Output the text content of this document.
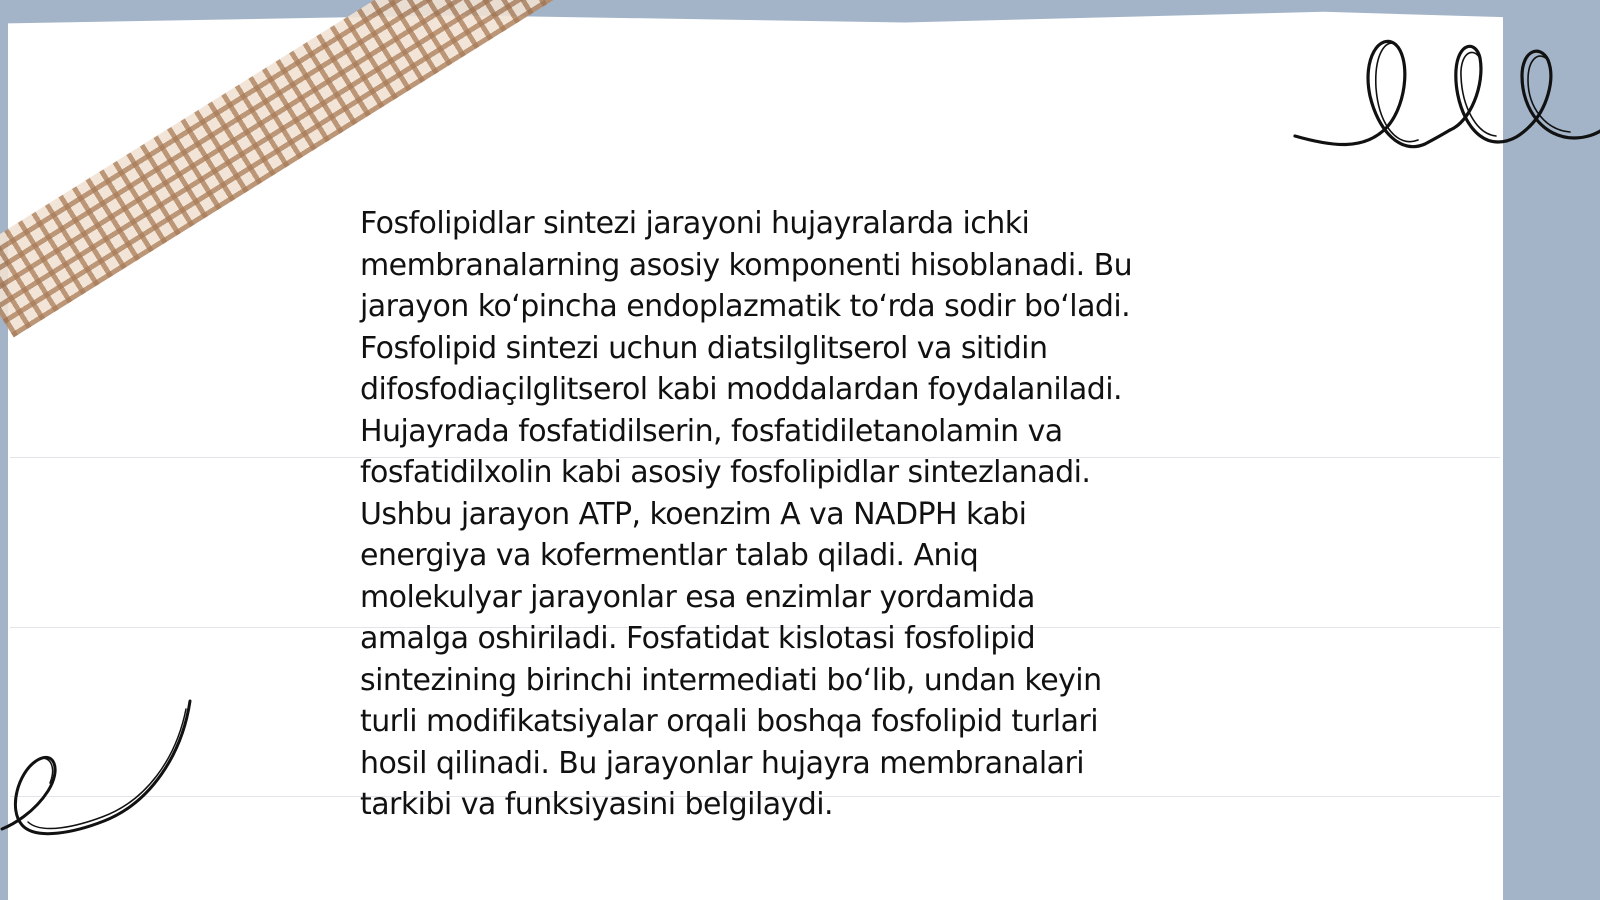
Fosfolipidlar sintezi jarayoni hujayralarda ichki
membranalarning asosiy komponenti hisoblanadi. Bu
jarayon koʻpincha endoplazmatik toʻrda sodir boʻladi.
Fosfolipid sintezi uchun diatsilglitserol va sitidin
difosfodiaçilglitserol kabi moddalardan foydalaniladi.
Hujayrada fosfatidilserin, fosfatidiletanolamin va
fosfatidilxolin kabi asosiy fosfolipidlar sintezlanadi.
Ushbu jarayon ATP, koenzim A va NADPH kabi
energiya va kofermentlar talab qiladi. Aniq
molekulyar jarayonlar esa enzimlar yordamida
amalga oshiriladi. Fosfatidat kislotasi fosfolipid
sintezining birinchi intermediati boʻlib, undan keyin
turli modifikatsiyalar orqali boshqa fosfolipid turlari
hosil qilinadi. Bu jarayonlar hujayra membranalari
tarkibi va funksiyasini belgilaydi.
